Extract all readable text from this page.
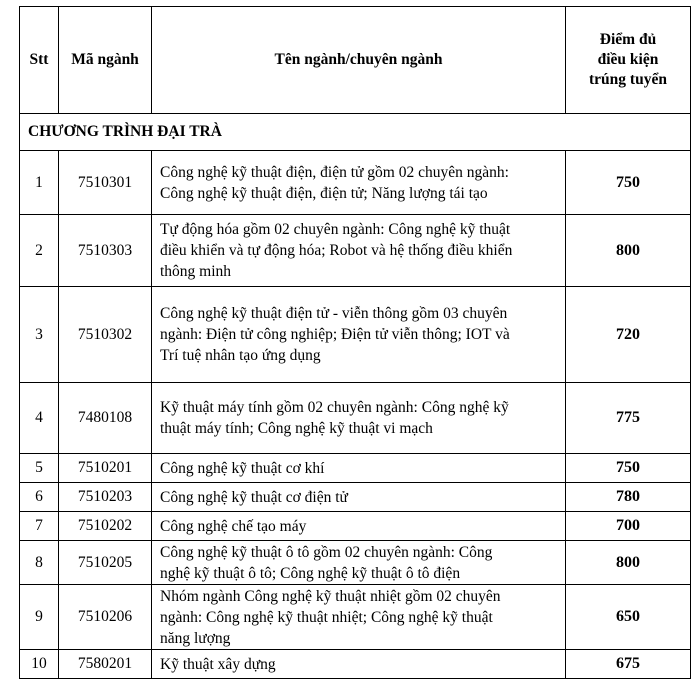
Stt	Mã ngành	Tên ngành/chuyên ngành	Điểm đủ
điều kiện
trúng tuyển

CHƯƠNG TRÌNH ĐẠI TRÀ			
1	7510301	Công nghệ kỹ thuật điện, điện tử gồm 02 chuyên ngành:
Công nghệ kỹ thuật điện, điện tử; Năng lượng tái tạo	750
2	7510303	Tự động hóa gồm 02 chuyên ngành: Công nghệ kỹ thuật
điều khiển và tự động hóa; Robot và hệ thống điều khiển
thông minh	800
3	7510302	Công nghệ kỹ thuật điện tử - viễn thông gồm 03 chuyên
ngành: Điện tử công nghiệp; Điện tử viễn thông; IOT và
Trí tuệ nhân tạo ứng dụng	720
4	7480108	Kỹ thuật máy tính gồm 02 chuyên ngành: Công nghệ kỹ
thuật máy tính; Công nghệ kỹ thuật vi mạch	775
5	7510201	Công nghệ kỹ thuật cơ khí	750
6	7510203	Công nghệ kỹ thuật cơ điện tử	780
7	7510202	Công nghệ chế tạo máy	700
8	7510205	Công nghệ kỹ thuật ô tô gồm 02 chuyên ngành: Công
nghệ kỹ thuật ô tô; Công nghệ kỹ thuật ô tô điện	800
9	7510206	Nhóm ngành Công nghệ kỹ thuật nhiệt gồm 02 chuyên
ngành: Công nghệ kỹ thuật nhiệt; Công nghệ kỹ thuật
năng lượng	650
10	7580201	Kỹ thuật xây dựng	675
